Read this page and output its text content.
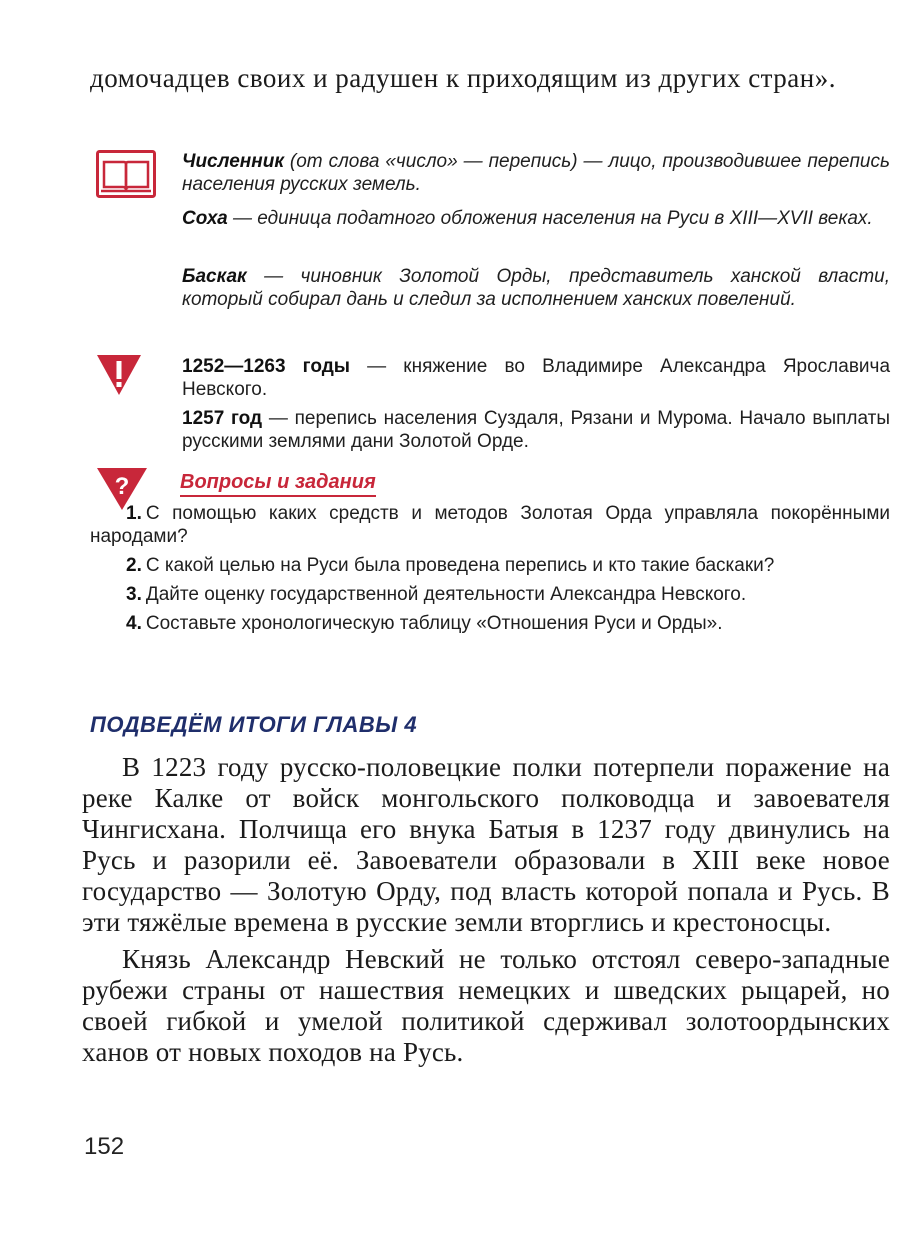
домочадцев своих и радушен к приходящим из других стран».
Численник (от слова «число» — перепись) — лицо, производившее перепись населения русских земель.
Соха — единица податного обложения населения на Руси в XIII—XVII веках.
Баскак — чиновник Золотой Орды, представитель ханской власти, который собирал дань и следил за исполнением ханских повелений.
1252—1263 годы — княжение во Владимире Александра Ярославича Невского.
1257 год — перепись населения Суздаля, Рязани и Мурома. Начало выплаты русскими землями дани Золотой Орде.
?	Вопросы и задания
1. С помощью каких средств и методов Золотая Орда управляла покорёнными народами?
2. С какой целью на Руси была проведена перепись и кто такие баскаки?
3. Дайте оценку государственной деятельности Александра Невского.
4. Составьте хронологическую таблицу «Отношения Руси и Орды».
ПОДВЕДЁМ ИТОГИ ГЛАВЫ 4

В 1223 году русско-половецкие полки потерпели поражение на реке Калке от войск монгольского полководца и завоевателя Чингисхана. Полчища его внука Батыя в 1237 году двинулись на Русь и разорили её. Завоеватели образовали в XIII веке новое государство — Золотую Орду, под власть которой попала и Русь. В эти тяжёлые времена в русские земли вторглись и крестоносцы.

Князь Александр Невский не только отстоял северо-западные рубежи страны от нашествия немецких и шведских рыцарей, но своей гибкой и умелой политикой сдерживал золотоордынских ханов от новых походов на Русь.

152
